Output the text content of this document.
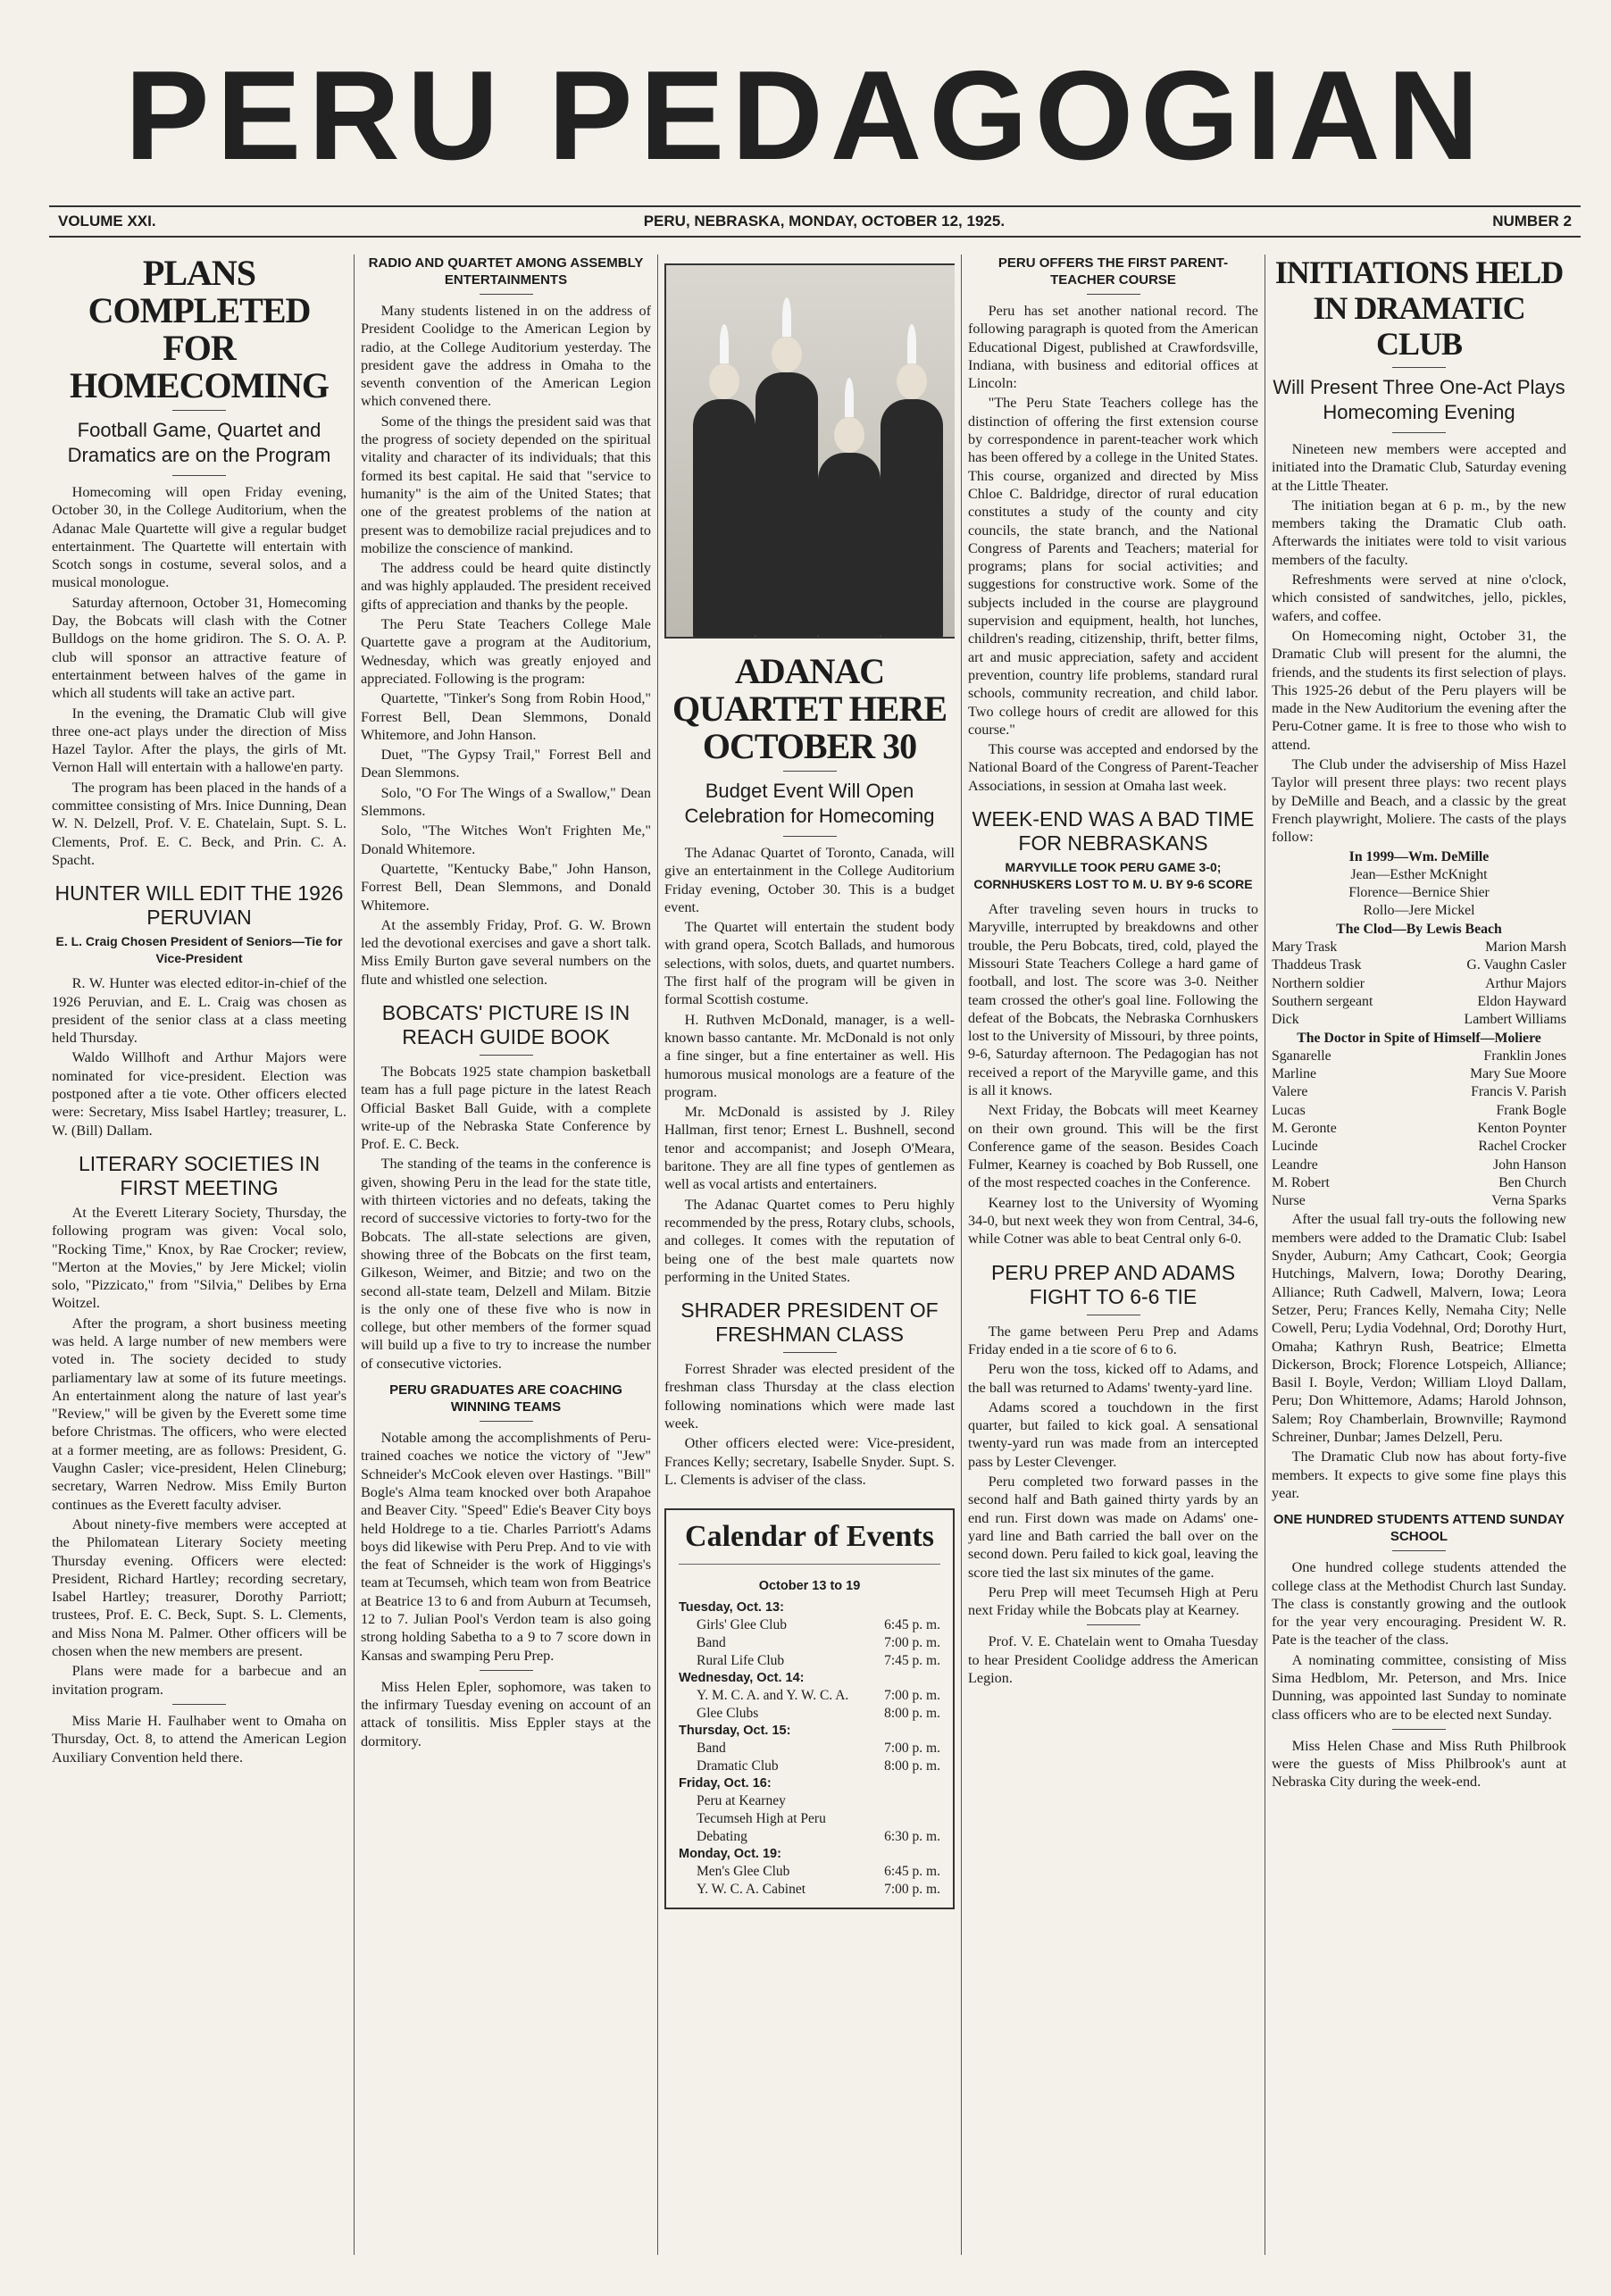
PERU PEDAGOGIAN
VOLUME XXI.	PERU, NEBRASKA, MONDAY, OCTOBER 12, 1925.	NUMBER 2
PLANS COMPLETED FOR HOMECOMING
Football Game, Quartet and Dramatics are on the Program

Homecoming will open Friday evening, October 30, in the College Auditorium, when the Adanac Male Quartette will give a regular budget entertainment. The Quartette will entertain with Scotch songs in costume, several solos, and a musical monologue.

Saturday afternoon, October 31, Homecoming Day, the Bobcats will clash with the Cotner Bulldogs on the home gridiron. The S. O. A. P. club will sponsor an attractive feature of entertainment between halves of the game in which all students will take an active part.

In the evening, the Dramatic Club will give three one-act plays under the direction of Miss Hazel Taylor. After the plays, the girls of Mt. Vernon Hall will entertain with a hallowe'en party.

The program has been placed in the hands of a committee consisting of Mrs. Inice Dunning, Dean W. N. Delzell, Prof. V. E. Chatelain, Supt. S. L. Clements, Prof. E. C. Beck, and Prin. C. A. Spacht.

HUNTER WILL EDIT THE 1926 PERUVIAN
E. L. Craig Chosen President of Seniors—Tie for Vice-President

R. W. Hunter was elected editor-in-chief of the 1926 Peruvian, and E. L. Craig was chosen as president of the senior class at a class meeting held Thursday.

Waldo Willhoft and Arthur Majors were nominated for vice-president. Election was postponed after a tie vote. Other officers elected were: Secretary, Miss Isabel Hartley; treasurer, L. W. (Bill) Dallam.

LITERARY SOCIETIES IN FIRST MEETING

At the Everett Literary Society, Thursday, the following program was given: Vocal solo, "Rocking Time," Knox, by Rae Crocker; review, "Merton at the Movies," by Jere Mickel; violin solo, "Pizzicato," from "Silvia," Delibes by Erna Woitzel.

After the program, a short business meeting was held. A large number of new members were voted in. The society decided to study parliamentary law at some of its future meetings. An entertainment along the nature of last year's "Review," will be given by the Everett some time before Christmas. The officers, who were elected at a former meeting, are as follows: President, G. Vaughn Casler; vice-president, Helen Clineburg; secretary, Warren Nedrow. Miss Emily Burton continues as the Everett faculty adviser.

About ninety-five members were accepted at the Philomatean Literary Society meeting Thursday evening. Officers were elected: President, Richard Hartley; recording secretary, Isabel Hartley; treasurer, Dorothy Parriott; trustees, Prof. E. C. Beck, Supt. S. L. Clements, and Miss Nona M. Palmer. Other officers will be chosen when the new members are present.

Plans were made for a barbecue and an invitation program.

Miss Marie H. Faulhaber went to Omaha on Thursday, Oct. 8, to attend the American Legion Auxiliary Convention held there.

RADIO AND QUARTET AMONG ASSEMBLY ENTERTAINMENTS

Many students listened in on the address of President Coolidge to the American Legion by radio, at the College Auditorium yesterday. The president gave the address in Omaha to the seventh convention of the American Legion which convened there.

Some of the things the president said was that the progress of society depended on the spiritual vitality and character of its individuals; that this formed its best capital. He said that "service to humanity" is the aim of the United States; that one of the greatest problems of the nation at present was to demobilize racial prejudices and to mobilize the conscience of mankind.

The address could be heard quite distinctly and was highly applauded. The president received gifts of appreciation and thanks by the people.

The Peru State Teachers College Male Quartette gave a program at the Auditorium, Wednesday, which was greatly enjoyed and appreciated. Following is the program:

Quartette, "Tinker's Song from Robin Hood," Forrest Bell, Dean Slemmons, Donald Whitemore, and John Hanson.

Duet, "The Gypsy Trail," Forrest Bell and Dean Slemmons.

Solo, "O For The Wings of a Swallow," Dean Slemmons.

Solo, "The Witches Won't Frighten Me," Donald Whitemore.

Quartette, "Kentucky Babe," John Hanson, Forrest Bell, Dean Slemmons, and Donald Whitemore.

At the assembly Friday, Prof. G. W. Brown led the devotional exercises and gave a short talk. Miss Emily Burton gave several numbers on the flute and whistled one selection.

BOBCATS' PICTURE IS IN REACH GUIDE BOOK

The Bobcats 1925 state champion basketball team has a full page picture in the latest Reach Official Basket Ball Guide, with a complete write-up of the Nebraska State Conference by Prof. E. C. Beck.

The standing of the teams in the conference is given, showing Peru in the lead for the state title, with thirteen victories and no defeats, taking the record of successive victories to forty-two for the Bobcats. The all-state selections are given, showing three of the Bobcats on the first team, Gilkeson, Weimer, and Bitzie; and two on the second all-state team, Delzell and Milam. Bitzie is the only one of these five who is now in college, but other members of the former squad will build up a five to try to increase the number of consecutive victories.

PERU GRADUATES ARE COACHING WINNING TEAMS

Notable among the accomplishments of Peru-trained coaches we notice the victory of "Jew" Schneider's McCook eleven over Hastings. "Bill" Bogle's Alma team knocked over both Arapahoe and Beaver City. "Speed" Edie's Beaver City boys held Holdrege to a tie. Charles Parriott's Adams boys did likewise with Peru Prep. And to vie with the feat of Schneider is the work of Higgings's team at Tecumseh, which team won from Beatrice at Beatrice 13 to 6 and from Auburn at Tecumseh, 12 to 7. Julian Pool's Verdon team is also going strong holding Sabetha to a 9 to 7 score down in Kansas and swamping Peru Prep.

Miss Helen Epler, sophomore, was taken to the infirmary Tuesday evening on account of an attack of tonsilitis. Miss Eppler stays at the dormitory.

ADANAC QUARTET HERE OCTOBER 30
Budget Event Will Open Celebration for Homecoming

The Adanac Quartet of Toronto, Canada, will give an entertainment in the College Auditorium Friday evening, October 30. This is a budget event.

The Quartet will entertain the student body with grand opera, Scotch Ballads, and humorous selections, with solos, duets, and quartet numbers. The first half of the program will be given in formal Scottish costume.

H. Ruthven McDonald, manager, is a well-known basso cantante. Mr. McDonald is not only a fine singer, but a fine entertainer as well. His humorous musical monologs are a feature of the program.

Mr. McDonald is assisted by J. Riley Hallman, first tenor; Ernest L. Bushnell, second tenor and accompanist; and Joseph O'Meara, baritone. They are all fine types of gentlemen as well as vocal artists and entertainers.

The Adanac Quartet comes to Peru highly recommended by the press, Rotary clubs, schools, and colleges. It comes with the reputation of being one of the best male quartets now performing in the United States.

SHRADER PRESIDENT OF FRESHMAN CLASS

Forrest Shrader was elected president of the freshman class Thursday at the class election following nominations which were made last week.

Other officers elected were: Vice-president, Frances Kelly; secretary, Isabelle Snyder. Supt. S. L. Clements is adviser of the class.

Calendar of Events
October 13 to 19
Tuesday, Oct. 13:
Girls' Glee Club	6:45 p. m.
Band	7:00 p. m.
Rural Life Club	7:45 p. m.
Wednesday, Oct. 14:
Y. M. C. A. and Y. W. C. A.	7:00 p. m.
Glee Clubs	8:00 p. m.
Thursday, Oct. 15:
Band	7:00 p. m.
Dramatic Club	8:00 p. m.
Friday, Oct. 16:
Peru at Kearney
Tecumseh High at Peru
Debating	6:30 p. m.
Monday, Oct. 19:
Men's Glee Club	6:45 p. m.
Y. W. C. A. Cabinet	7:00 p. m.
PERU OFFERS THE FIRST PARENT-TEACHER COURSE

Peru has set another national record. The following paragraph is quoted from the American Educational Digest, published at Crawfordsville, Indiana, with business and editorial offices at Lincoln:

"The Peru State Teachers college has the distinction of offering the first extension course by correspondence in parent-teacher work which has been offered by a college in the United States. This course, organized and directed by Miss Chloe C. Baldridge, director of rural education constitutes a study of the county and city councils, the state branch, and the National Congress of Parents and Teachers; material for programs; plans for social activities; and suggestions for constructive work. Some of the subjects included in the course are playground supervision and equipment, health, hot lunches, children's reading, citizenship, thrift, better films, art and music appreciation, safety and accident prevention, country life problems, standard rural schools, community recreation, and child labor. Two college hours of credit are allowed for this course."

This course was accepted and endorsed by the National Board of the Congress of Parent-Teacher Associations, in session at Omaha last week.

WEEK-END WAS A BAD TIME FOR NEBRASKANS
MARYVILLE TOOK PERU GAME 3-0; CORNHUSKERS LOST TO M. U. BY 9-6 SCORE

After traveling seven hours in trucks to Maryville, interrupted by breakdowns and other trouble, the Peru Bobcats, tired, cold, played the Missouri State Teachers College a hard game of football, and lost. The score was 3-0. Neither team crossed the other's goal line. Following the defeat of the Bobcats, the Nebraska Cornhuskers lost to the University of Missouri, by three points, 9-6, Saturday afternoon. The Pedagogian has not received a report of the Maryville game, and this is all it knows.

Next Friday, the Bobcats will meet Kearney on their own ground. This will be the first Conference game of the season. Besides Coach Fulmer, Kearney is coached by Bob Russell, one of the most respected coaches in the Conference.

Kearney lost to the University of Wyoming 34-0, but next week they won from Central, 34-6, while Cotner was able to beat Central only 6-0.

PERU PREP AND ADAMS FIGHT TO 6-6 TIE

The game between Peru Prep and Adams Friday ended in a tie score of 6 to 6.

Peru won the toss, kicked off to Adams, and the ball was returned to Adams' twenty-yard line.

Adams scored a touchdown in the first quarter, but failed to kick goal. A sensational twenty-yard run was made from an intercepted pass by Lester Clevenger.

Peru completed two forward passes in the second half and Bath gained thirty yards by an end run. First down was made on Adams' one-yard line and Bath carried the ball over on the second down. Peru failed to kick goal, leaving the score tied the last six minutes of the game.

Peru Prep will meet Tecumseh High at Peru next Friday while the Bobcats play at Kearney.

Prof. V. E. Chatelain went to Omaha Tuesday to hear President Coolidge address the American Legion.

INITIATIONS HELD IN DRAMATIC CLUB
Will Present Three One-Act Plays Homecoming Evening

Nineteen new members were accepted and initiated into the Dramatic Club, Saturday evening at the Little Theater.

The initiation began at 6 p. m., by the new members taking the Dramatic Club oath. Afterwards the initiates were told to visit various members of the faculty.

Refreshments were served at nine o'clock, which consisted of sandwitches, jello, pickles, wafers, and coffee.

On Homecoming night, October 31, the Dramatic Club will present for the alumni, the friends, and the students its first selection of plays. This 1925-26 debut of the Peru players will be made in the New Auditorium the evening after the Peru-Cotner game. It is free to those who wish to attend.

The Club under the advisership of Miss Hazel Taylor will present three plays: two recent plays by DeMille and Beach, and a classic by the great French playwright, Moliere. The casts of the plays follow:

In 1999—Wm. DeMille
Jean—Esther McKnight
Florence—Bernice Shier
Rollo—Jere Mickel
The Clod—By Lewis Beach
Mary Trask	Marion Marsh
Thaddeus Trask	G. Vaughn Casler
Northern soldier	Arthur Majors
Southern sergeant	Eldon Hayward
Dick	Lambert Williams
The Doctor in Spite of Himself—Moliere
Sganarelle	Franklin Jones
Marline	Mary Sue Moore
Valere	Francis V. Parish
Lucas	Frank Bogle
M. Geronte	Kenton Poynter
Lucinde	Rachel Crocker
Leandre	John Hanson
M. Robert	Ben Church
Nurse	Verna Sparks

After the usual fall try-outs the following new members were added to the Dramatic Club: Isabel Snyder, Auburn; Amy Cathcart, Cook; Georgia Hutchings, Malvern, Iowa; Dorothy Dearing, Alliance; Ruth Cadwell, Malvern, Iowa; Leora Setzer, Peru; Frances Kelly, Nemaha City; Nelle Cowell, Peru; Lydia Vodehnal, Ord; Dorothy Hurt, Omaha; Kathryn Rush, Beatrice; Elmetta Dickerson, Brock; Florence Lotspeich, Alliance; Basil I. Boyle, Verdon; William Lloyd Dallam, Peru; Don Whittemore, Adams; Harold Johnson, Salem; Roy Chamberlain, Brownville; Raymond Schreiner, Dunbar; James Delzell, Peru.

The Dramatic Club now has about forty-five members. It expects to give some fine plays this year.

ONE HUNDRED STUDENTS ATTEND SUNDAY SCHOOL

One hundred college students attended the college class at the Methodist Church last Sunday. The class is constantly growing and the outlook for the year very encouraging. President W. R. Pate is the teacher of the class.

A nominating committee, consisting of Miss Sima Hedblom, Mr. Peterson, and Mrs. Inice Dunning, was appointed last Sunday to nominate class officers who are to be elected next Sunday.

Miss Helen Chase and Miss Ruth Philbrook were the guests of Miss Philbrook's aunt at Nebraska City during the week-end.
